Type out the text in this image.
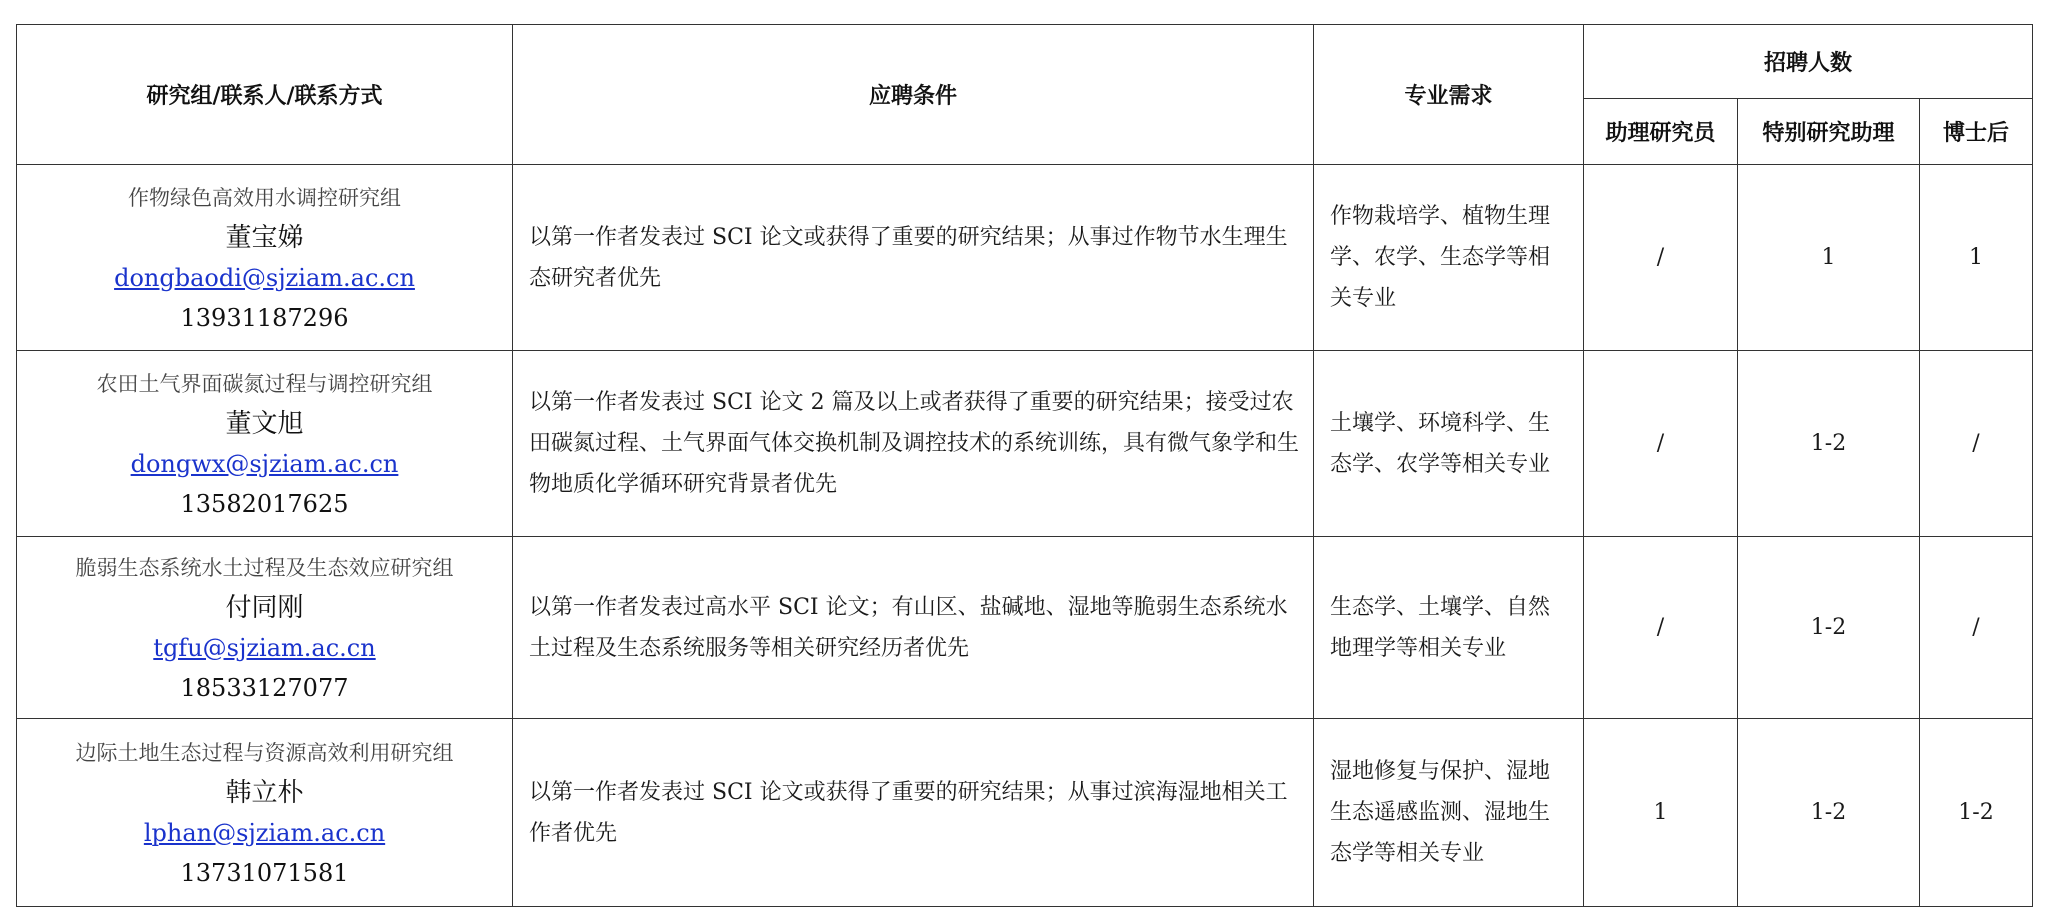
研究组/联系人/联系方式	应聘条件	专业需求	招聘人数		
			助理研究员	特别研究助理	博士后

作物绿色高效用水调控研究组
董宝娣
dongbaodi@sjziam.ac.cn
13931187296	以第一作者发表过 SCI 论文或获得了重要的研究结果；从事过作物节水生理生态研究者优先	作物栽培学、植物生理学、农学、生态学等相关专业	/	1	1

农田土气界面碳氮过程与调控研究组
董文旭
dongwx@sjziam.ac.cn
13582017625	以第一作者发表过 SCI 论文 2 篇及以上或者获得了重要的研究结果；接受过农田碳氮过程、土气界面气体交换机制及调控技术的系统训练，具有微气象学和生物地质化学循环研究背景者优先	土壤学、环境科学、生态学、农学等相关专业	/	1-2	/

脆弱生态系统水土过程及生态效应研究组
付同刚
tgfu@sjziam.ac.cn
18533127077	以第一作者发表过高水平 SCI 论文；有山区、盐碱地、湿地等脆弱生态系统水土过程及生态系统服务等相关研究经历者优先	生态学、土壤学、自然地理学等相关专业	/	1-2	/

边际土地生态过程与资源高效利用研究组
韩立朴
lphan@sjziam.ac.cn
13731071581	以第一作者发表过 SCI 论文或获得了重要的研究结果；从事过滨海湿地相关工作者优先	湿地修复与保护、湿地生态遥感监测、湿地生态学等相关专业	1	1-2	1-2
